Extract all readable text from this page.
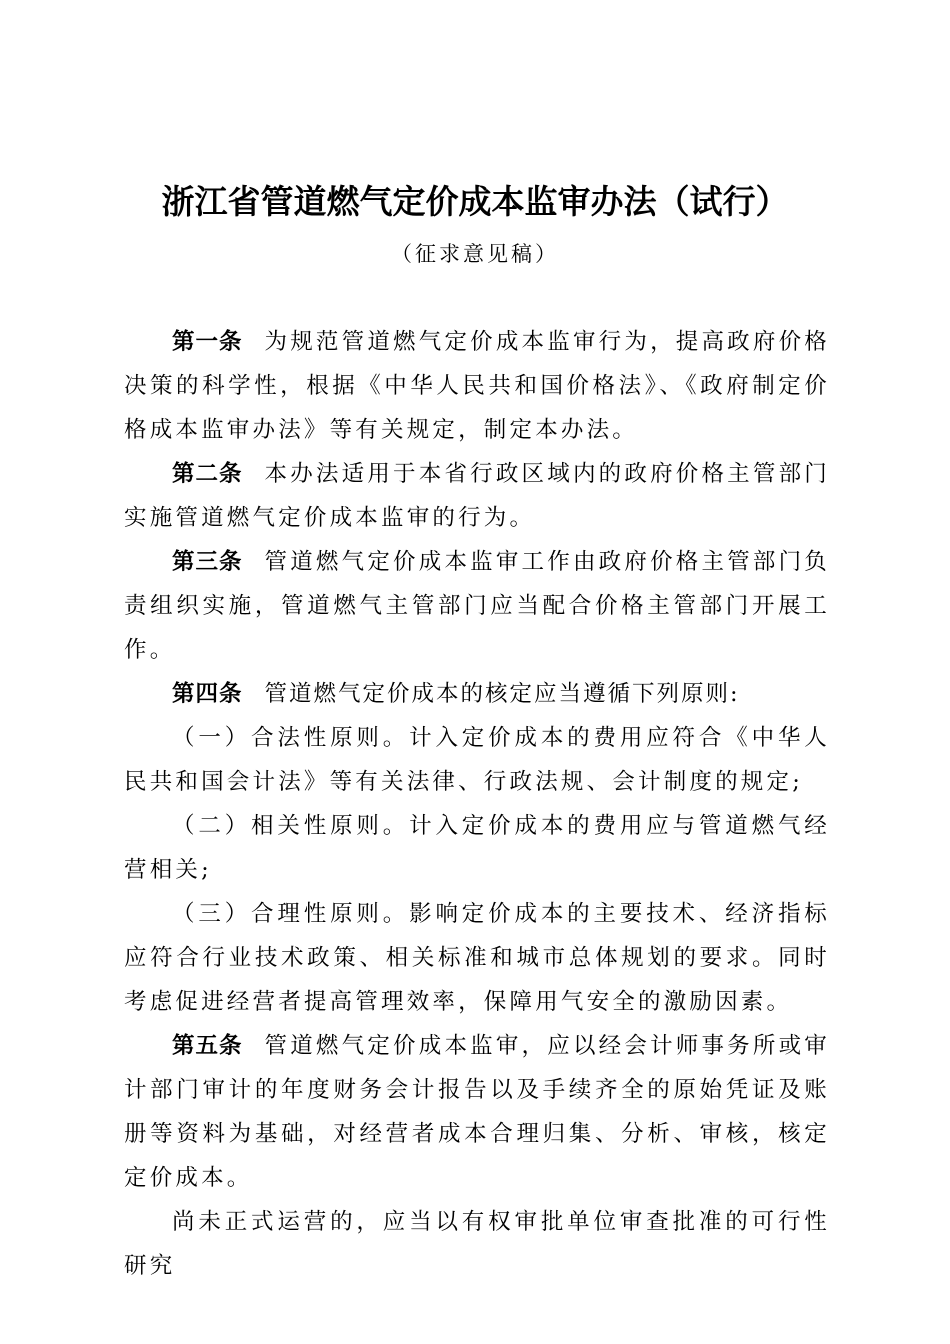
浙江省管道燃气定价成本监审办法（试行）
（征求意见稿）

第一条 为规范管道燃气定价成本监审行为，提高政府价格决策的科学性，根据《中华人民共和国价格法》、《政府制定价格成本监审办法》等有关规定，制定本办法。

第二条 本办法适用于本省行政区域内的政府价格主管部门实施管道燃气定价成本监审的行为。

第三条 管道燃气定价成本监审工作由政府价格主管部门负责组织实施，管道燃气主管部门应当配合价格主管部门开展工作。

第四条 管道燃气定价成本的核定应当遵循下列原则:

（一）合法性原则。计入定价成本的费用应符合《中华人民共和国会计法》等有关法律、行政法规、会计制度的规定;

（二）相关性原则。计入定价成本的费用应与管道燃气经营相关;

（三）合理性原则。影响定价成本的主要技术、经济指标应符合行业技术政策、相关标准和城市总体规划的要求。同时考虑促进经营者提高管理效率，保障用气安全的激励因素。

第五条 管道燃气定价成本监审，应以经会计师事务所或审计部门审计的年度财务会计报告以及手续齐全的原始凭证及账册等资料为基础，对经营者成本合理归集、分析、审核，核定定价成本。

尚未正式运营的，应当以有权审批单位审查批准的可行性研究
